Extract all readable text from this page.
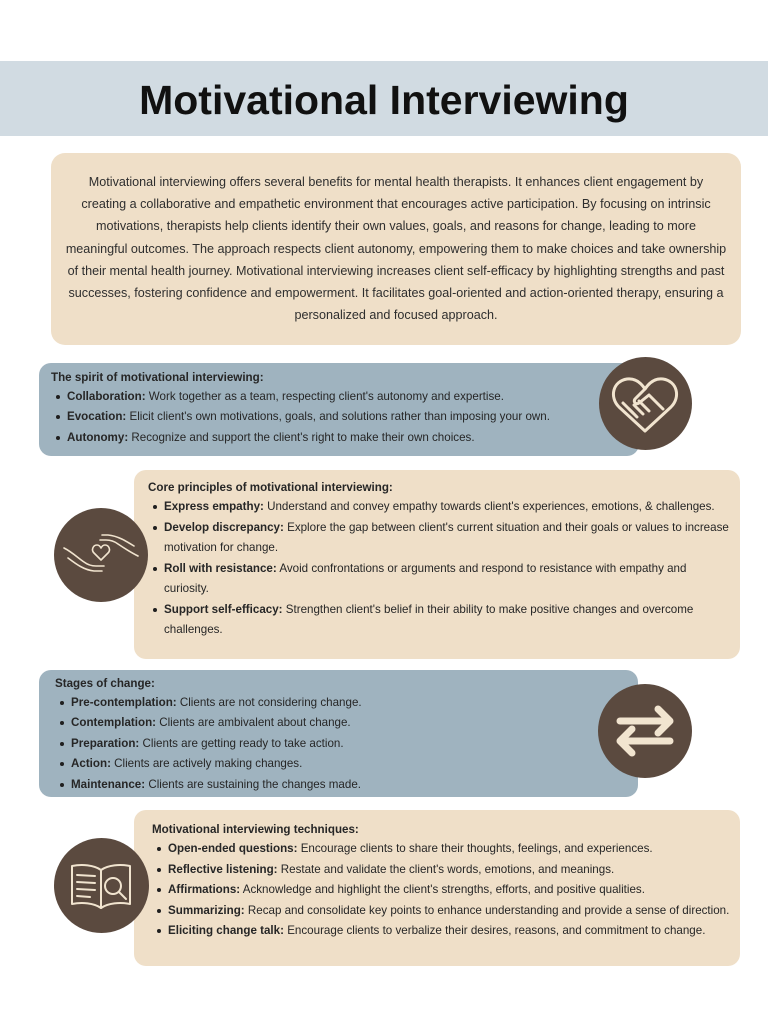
Motivational Interviewing
Motivational interviewing offers several benefits for mental health therapists. It enhances client engagement by creating a collaborative and empathetic environment that encourages active participation. By focusing on intrinsic motivations, therapists help clients identify their own values, goals, and reasons for change, leading to more meaningful outcomes. The approach respects client autonomy, empowering them to make choices and take ownership of their mental health journey. Motivational interviewing increases client self-efficacy by highlighting strengths and past successes, fostering confidence and empowerment. It facilitates goal-oriented and action-oriented therapy, ensuring a personalized and focused approach.
The spirit of motivational interviewing:
Collaboration: Work together as a team, respecting client's autonomy and expertise.
Evocation: Elicit client's own motivations, goals, and solutions rather than imposing your own.
Autonomy: Recognize and support the client's right to make their own choices.
Core principles of motivational interviewing:
Express empathy: Understand and convey empathy towards client's experiences, emotions, & challenges.
Develop discrepancy: Explore the gap between client's current situation and their goals or values to increase motivation for change.
Roll with resistance: Avoid confrontations or arguments and respond to resistance with empathy and curiosity.
Support self-efficacy: Strengthen client's belief in their ability to make positive changes and overcome challenges.
Stages of change:
Pre-contemplation: Clients are not considering change.
Contemplation: Clients are ambivalent about change.
Preparation: Clients are getting ready to take action.
Action: Clients are actively making changes.
Maintenance: Clients are sustaining the changes made.
Motivational interviewing techniques:
Open-ended questions: Encourage clients to share their thoughts, feelings, and experiences.
Reflective listening: Restate and validate the client's words, emotions, and meanings.
Affirmations: Acknowledge and highlight the client's strengths, efforts, and positive qualities.
Summarizing: Recap and consolidate key points to enhance understanding and provide a sense of direction.
Eliciting change talk: Encourage clients to verbalize their desires, reasons, and commitment to change.
